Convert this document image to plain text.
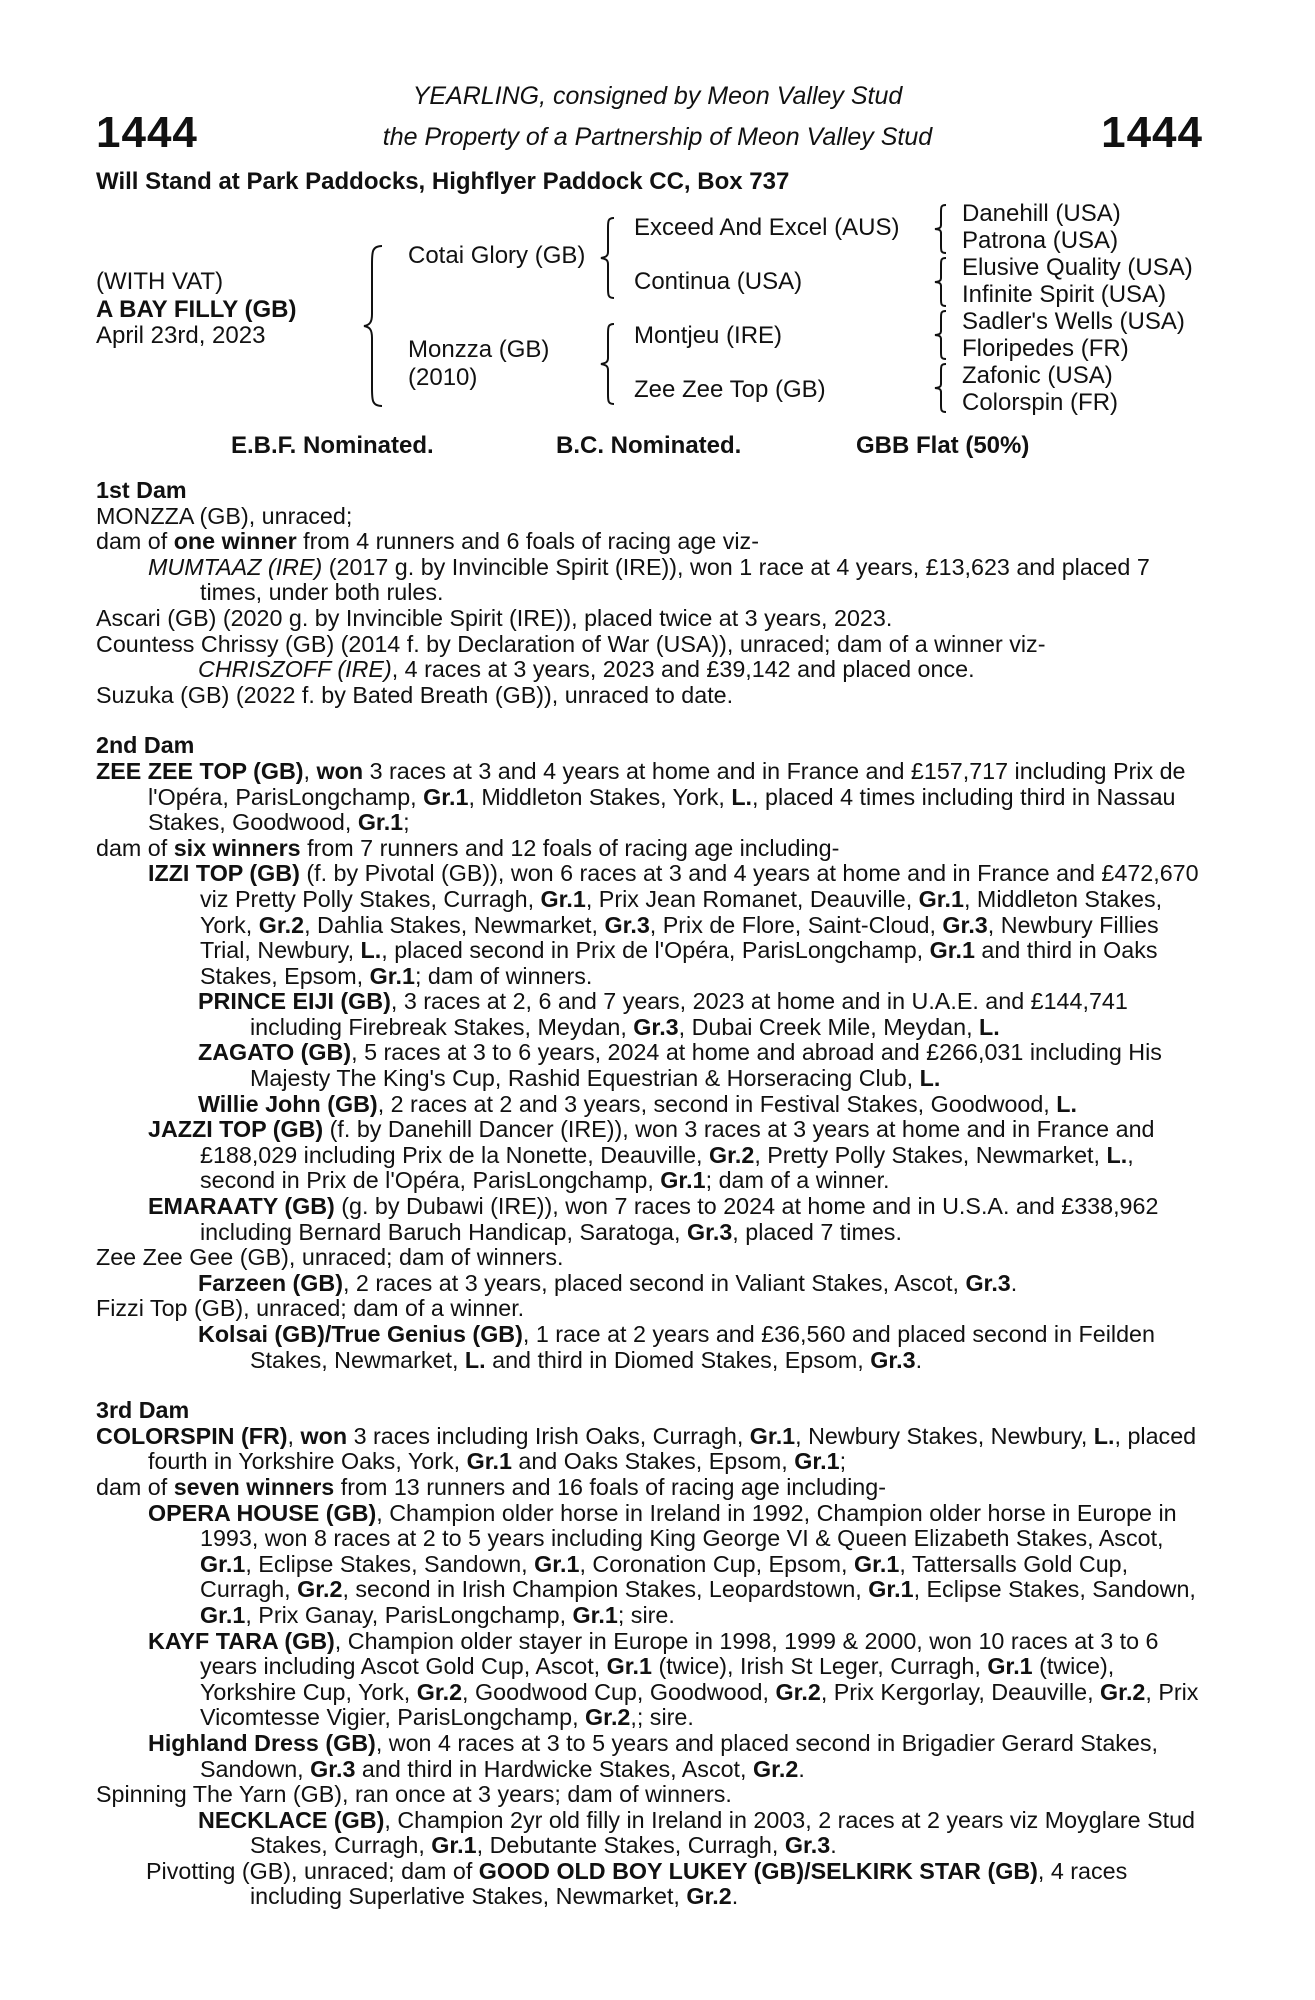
1444	1444
YEARLING, consigned by Meon Valley Stud
the Property of a Partnership of Meon Valley Stud
Will Stand at Park Paddocks, Highflyer Paddock CC, Box 737
(WITH VAT)
A BAY FILLY (GB)
April 23rd, 2023
Cotai Glory (GB)
Monzza (GB)
(2010)
Exceed And Excel (AUS)
Continua (USA)
Montjeu (IRE)
Zee Zee Top (GB)
Danehill (USA)
Patrona (USA)
Elusive Quality (USA)
Infinite Spirit (USA)
Sadler's Wells (USA)
Floripedes (FR)
Zafonic (USA)
Colorspin (FR)
E.B.F. Nominated.	B.C. Nominated.	GBB Flat (50%)
1st Dam
MONZZA (GB), unraced;
dam of one winner from 4 runners and 6 foals of racing age viz-
MUMTAAZ (IRE) (2017 g. by Invincible Spirit (IRE)), won 1 race at 4 years, £13,623 and placed 7 times, under both rules.
Ascari (GB) (2020 g. by Invincible Spirit (IRE)), placed twice at 3 years, 2023.
Countess Chrissy (GB) (2014 f. by Declaration of War (USA)), unraced; dam of a winner viz-
CHRISZOFF (IRE), 4 races at 3 years, 2023 and £39,142 and placed once.
Suzuka (GB) (2022 f. by Bated Breath (GB)), unraced to date.
2nd Dam
ZEE ZEE TOP (GB), won 3 races at 3 and 4 years at home and in France and £157,717 including Prix de l'Opéra, ParisLongchamp, Gr.1, Middleton Stakes, York, L., placed 4 times including third in Nassau Stakes, Goodwood, Gr.1;
dam of six winners from 7 runners and 12 foals of racing age including-
IZZI TOP (GB) (f. by Pivotal (GB)), won 6 races at 3 and 4 years at home and in France and £472,670 viz Pretty Polly Stakes, Curragh, Gr.1, Prix Jean Romanet, Deauville, Gr.1, Middleton Stakes, York, Gr.2, Dahlia Stakes, Newmarket, Gr.3, Prix de Flore, Saint-Cloud, Gr.3, Newbury Fillies Trial, Newbury, L., placed second in Prix de l'Opéra, ParisLongchamp, Gr.1 and third in Oaks Stakes, Epsom, Gr.1; dam of winners.
PRINCE EIJI (GB), 3 races at 2, 6 and 7 years, 2023 at home and in U.A.E. and £144,741 including Firebreak Stakes, Meydan, Gr.3, Dubai Creek Mile, Meydan, L.
ZAGATO (GB), 5 races at 3 to 6 years, 2024 at home and abroad and £266,031 including His Majesty The King's Cup, Rashid Equestrian & Horseracing Club, L.
Willie John (GB), 2 races at 2 and 3 years, second in Festival Stakes, Goodwood, L.
JAZZI TOP (GB) (f. by Danehill Dancer (IRE)), won 3 races at 3 years at home and in France and £188,029 including Prix de la Nonette, Deauville, Gr.2, Pretty Polly Stakes, Newmarket, L., second in Prix de l'Opéra, ParisLongchamp, Gr.1; dam of a winner.
EMARAATY (GB) (g. by Dubawi (IRE)), won 7 races to 2024 at home and in U.S.A. and £338,962 including Bernard Baruch Handicap, Saratoga, Gr.3, placed 7 times.
Zee Zee Gee (GB), unraced; dam of winners.
Farzeen (GB), 2 races at 3 years, placed second in Valiant Stakes, Ascot, Gr.3.
Fizzi Top (GB), unraced; dam of a winner.
Kolsai (GB)/True Genius (GB), 1 race at 2 years and £36,560 and placed second in Feilden Stakes, Newmarket, L. and third in Diomed Stakes, Epsom, Gr.3.
3rd Dam
COLORSPIN (FR), won 3 races including Irish Oaks, Curragh, Gr.1, Newbury Stakes, Newbury, L., placed fourth in Yorkshire Oaks, York, Gr.1 and Oaks Stakes, Epsom, Gr.1;
dam of seven winners from 13 runners and 16 foals of racing age including-
OPERA HOUSE (GB), Champion older horse in Ireland in 1992, Champion older horse in Europe in 1993, won 8 races at 2 to 5 years including King George VI & Queen Elizabeth Stakes, Ascot, Gr.1, Eclipse Stakes, Sandown, Gr.1, Coronation Cup, Epsom, Gr.1, Tattersalls Gold Cup, Curragh, Gr.2, second in Irish Champion Stakes, Leopardstown, Gr.1, Eclipse Stakes, Sandown, Gr.1, Prix Ganay, ParisLongchamp, Gr.1; sire.
KAYF TARA (GB), Champion older stayer in Europe in 1998, 1999 & 2000, won 10 races at 3 to 6 years including Ascot Gold Cup, Ascot, Gr.1 (twice), Irish St Leger, Curragh, Gr.1 (twice), Yorkshire Cup, York, Gr.2, Goodwood Cup, Goodwood, Gr.2, Prix Kergorlay, Deauville, Gr.2, Prix Vicomtesse Vigier, ParisLongchamp, Gr.2,; sire.
Highland Dress (GB), won 4 races at 3 to 5 years and placed second in Brigadier Gerard Stakes, Sandown, Gr.3 and third in Hardwicke Stakes, Ascot, Gr.2.
Spinning The Yarn (GB), ran once at 3 years; dam of winners.
NECKLACE (GB), Champion 2yr old filly in Ireland in 2003, 2 races at 2 years viz Moyglare Stud Stakes, Curragh, Gr.1, Debutante Stakes, Curragh, Gr.3.
Pivotting (GB), unraced; dam of GOOD OLD BOY LUKEY (GB)/SELKIRK STAR (GB), 4 races including Superlative Stakes, Newmarket, Gr.2.
